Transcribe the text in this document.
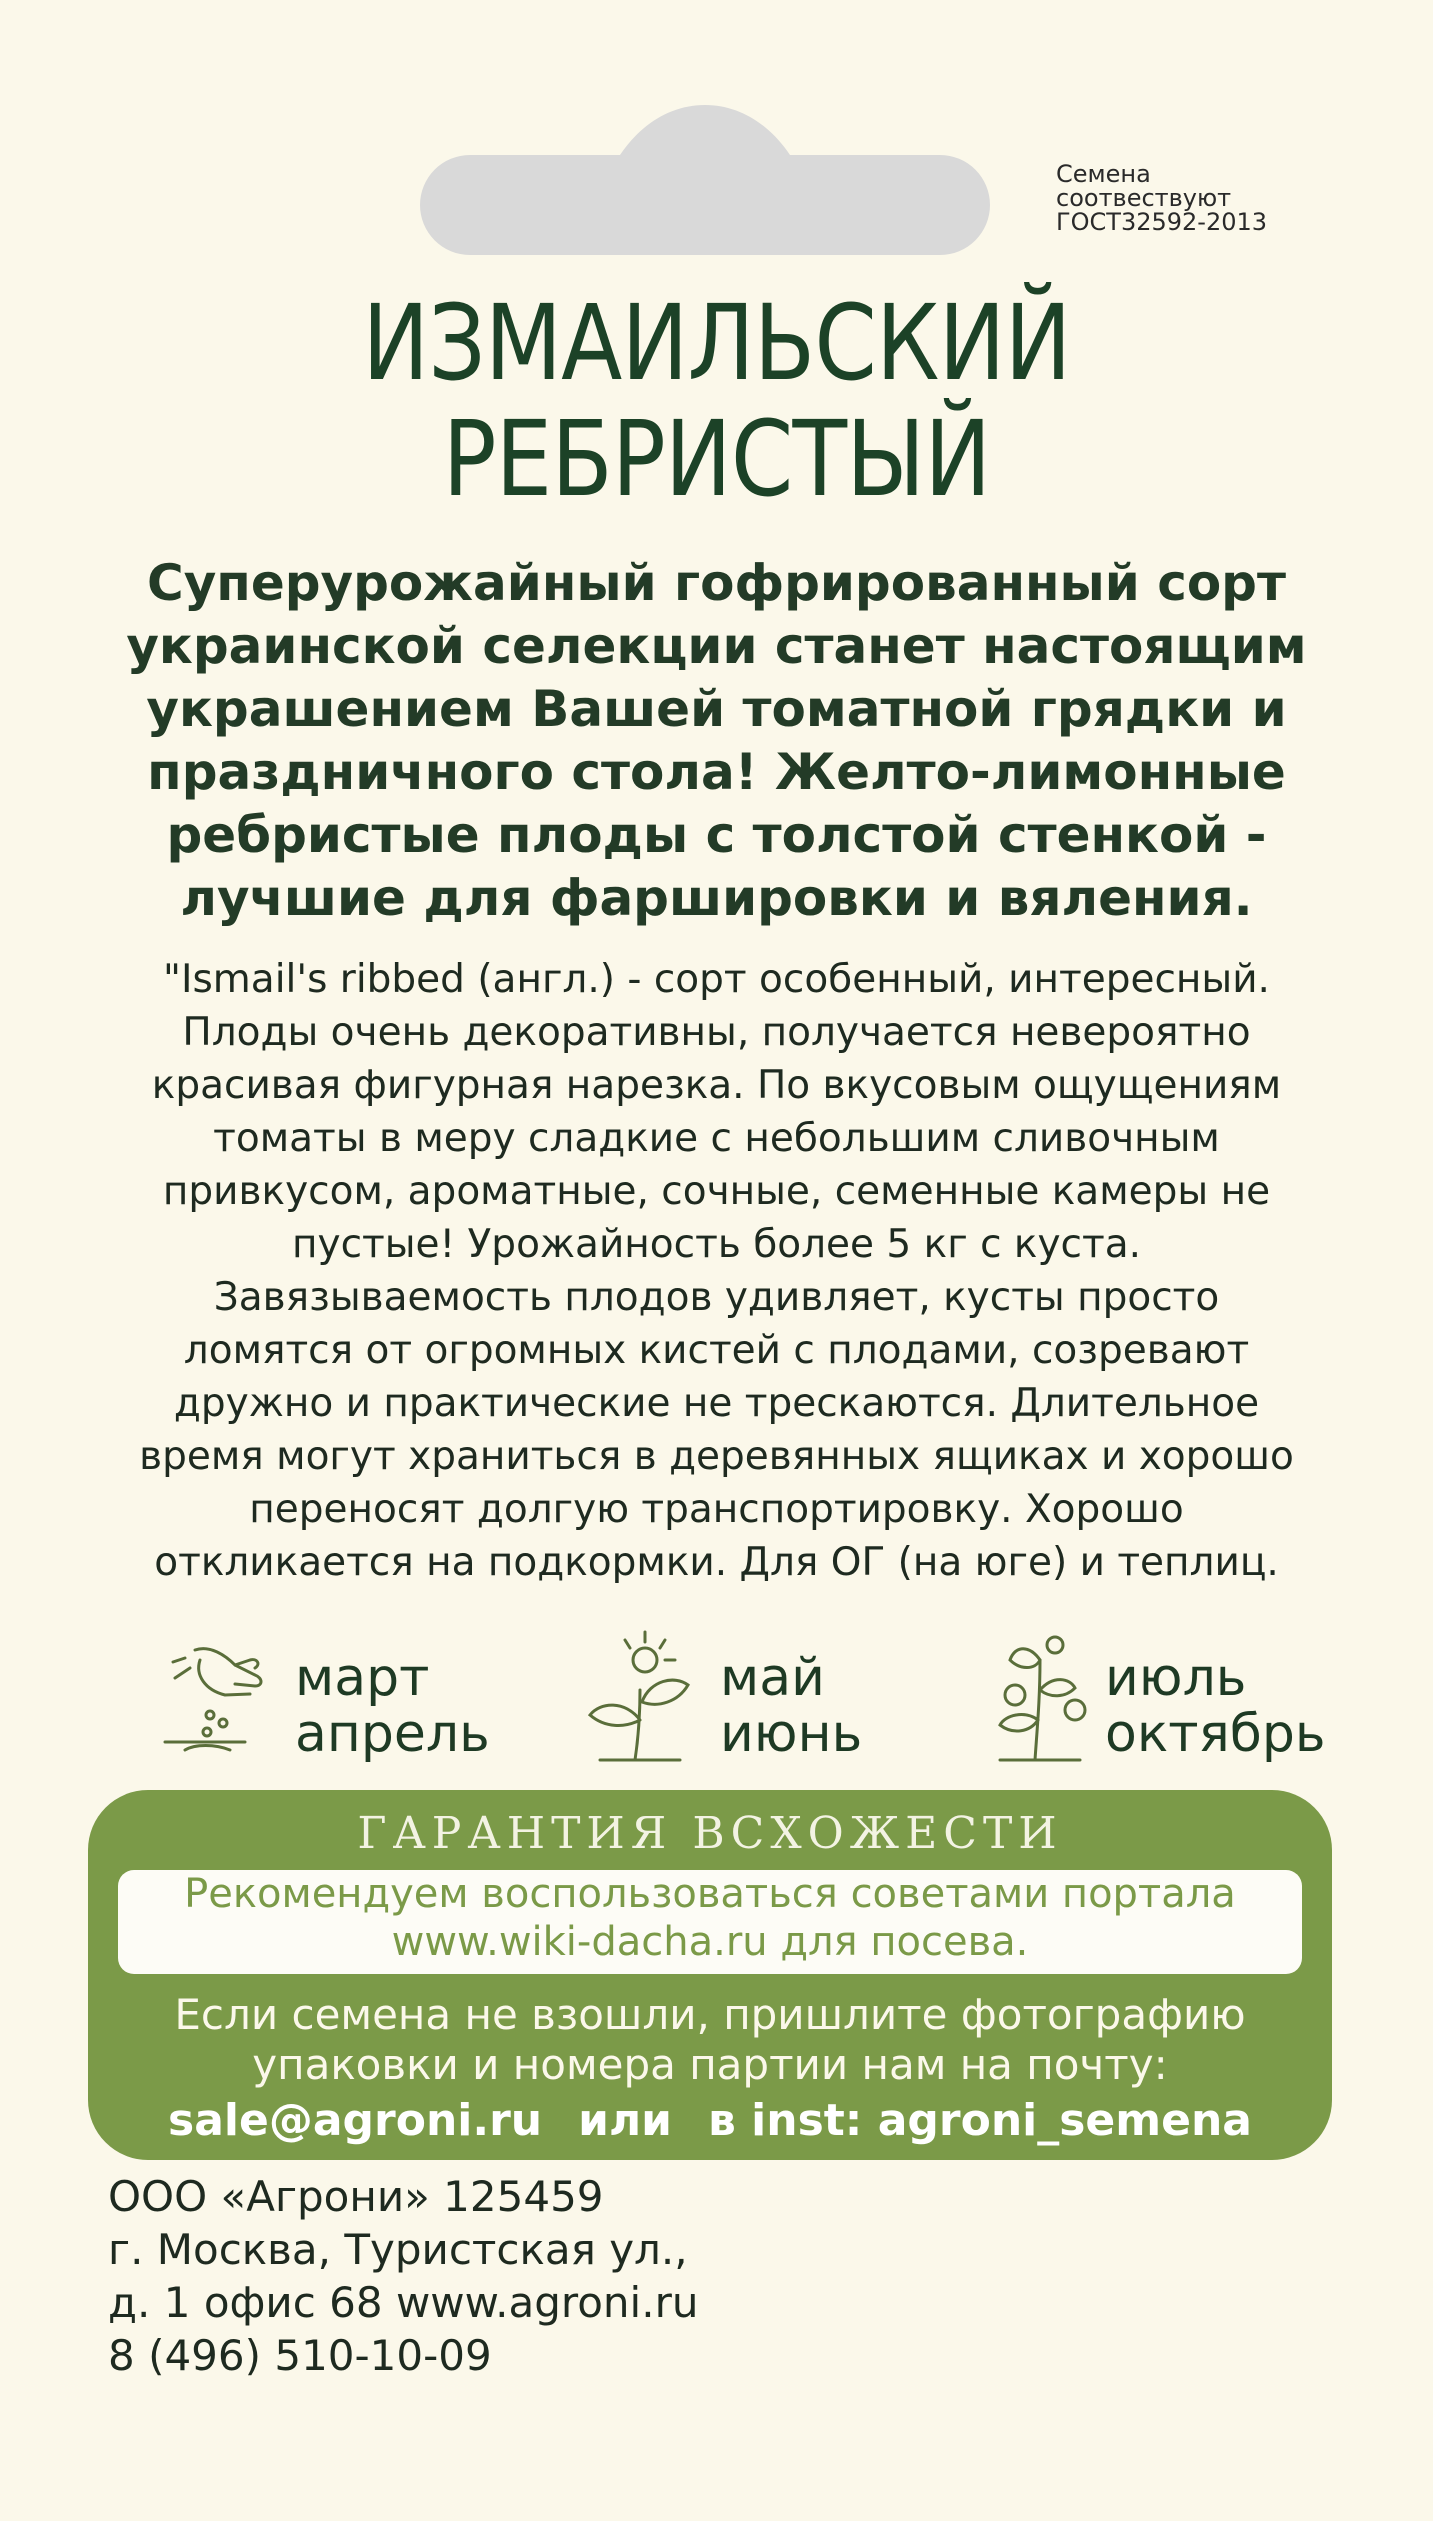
Семена
соотвествуют
ГОСТ32592-2013
ИЗМАИЛЬСКИЙ
РЕБРИСТЫЙ
Суперурожайный гофрированный сорт
украинской селекции станет настоящим
украшением Вашей томатной грядки и
праздничного стола! Желто-лимонные
ребристые плоды с толстой стенкой -
лучшие для фаршировки и вяления.
"Ismail's ribbed (англ.) - сорт особенный, интересный.
Плоды очень декоративны, получается невероятно
красивая фигурная нарезка. По вкусовым ощущениям
томаты в меру сладкие с небольшим сливочным
привкусом, ароматные, сочные, семенные камеры не
пустые! Урожайность более 5 кг с куста.
Завязываемость плодов удивляет, кусты просто
ломятся от огромных кистей с плодами, созревают
дружно и практические не трескаются. Длительное
время могут храниться в деревянных ящиках и хорошо
переносят долгую транспортировку. Хорошо
откликается на подкормки. Для ОГ (на юге) и теплиц.
март
апрель
май
июнь
июль
октябрь
ГАРАНТИЯ ВСХОЖЕСТИ
Рекомендуем воспользоваться советами портала
www.wiki-dacha.ru для посева.
Если семена не взошли, пришлите фотографию
упаковки и номера партии нам на почту:
sale@agroni.ru или в inst: agroni_semena
ООО «Агрони» 125459
г. Москва, Туристская ул.,
д. 1 офис 68 www.agroni.ru
8 (496) 510-10-09
